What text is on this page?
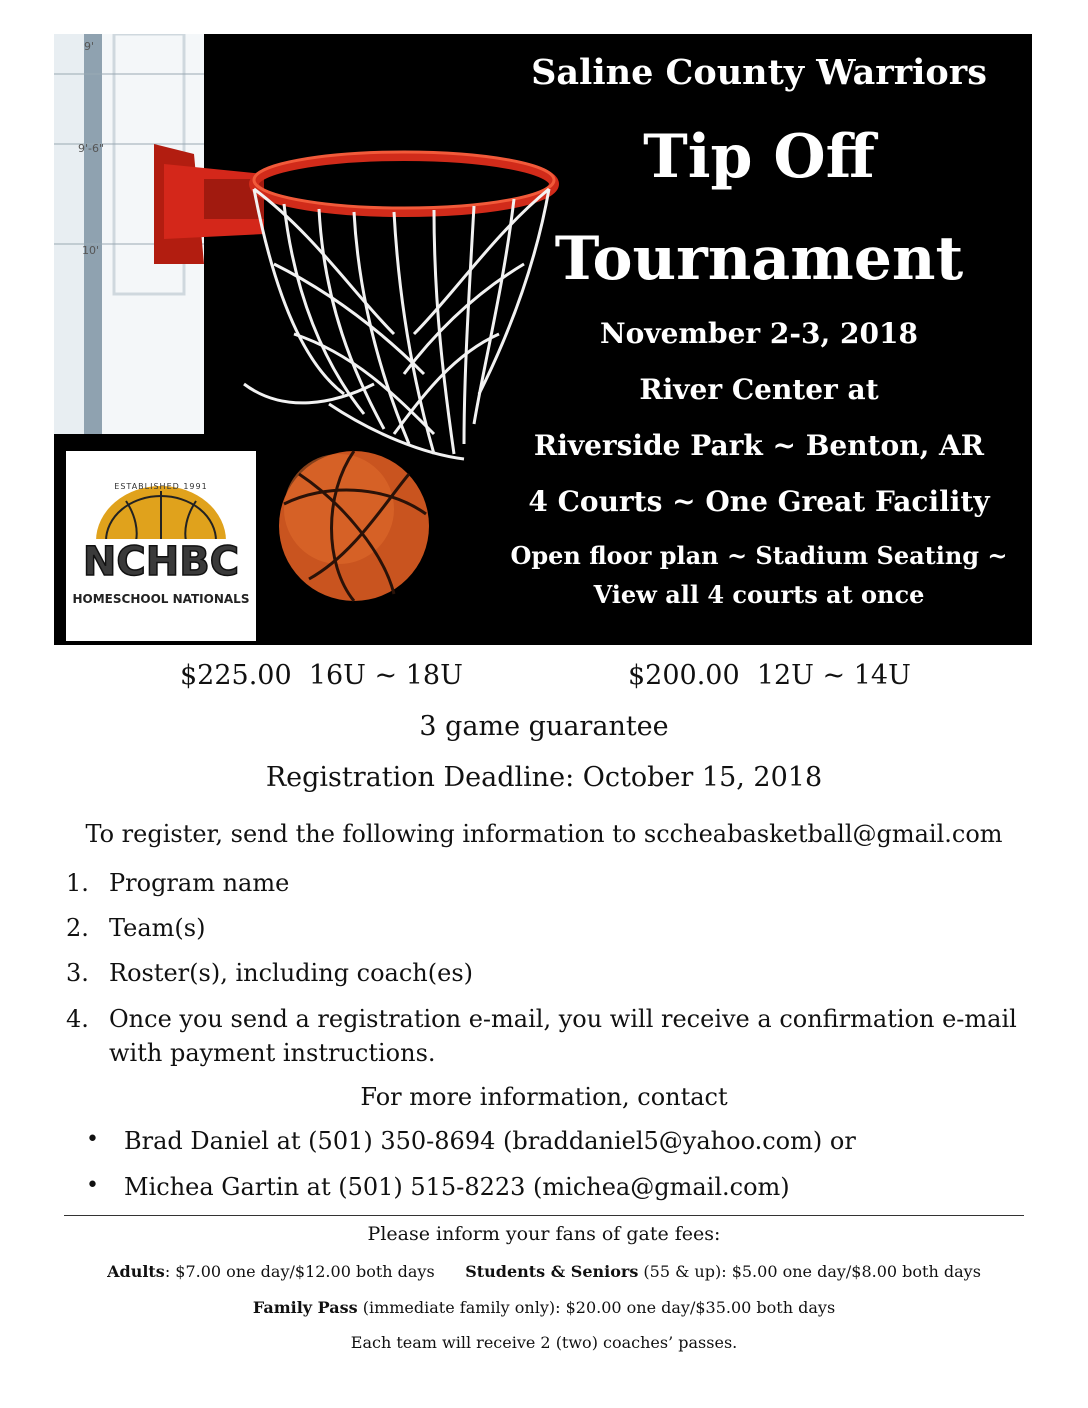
9'
9'-6"
10'
ESTABLISHED 1991
NCHBC
HOMESCHOOL NATIONALS
Saline County Warriors
Tip Off
Tournament
November 2-3, 2018
River Center at
Riverside Park ~ Benton, AR
4 Courts ~ One Great Facility
Open floor plan ~ Stadium Seating ~
View all 4 courts at once
$225.00 16U ~ 18U	$200.00 12U ~ 14U
3 game guarantee
Registration Deadline: October 15, 2018
To register, send the following information to sccheabasketball@gmail.com
1. Program name
2. Team(s)
3. Roster(s), including coach(es)
4. Once you send a registration e-mail, you will receive a confirmation e-mail with payment instructions.
For more information, contact
• Brad Daniel at (501) 350-8694 (braddaniel5@yahoo.com) or
• Michea Gartin at (501) 515-8223 (michea@gmail.com)
Please inform your fans of gate fees:
Adults: $7.00 one day/$12.00 both days Students & Seniors (55 & up): $5.00 one day/$8.00 both days
Family Pass (immediate family only): $20.00 one day/$35.00 both days
Each team will receive 2 (two) coaches’ passes.
